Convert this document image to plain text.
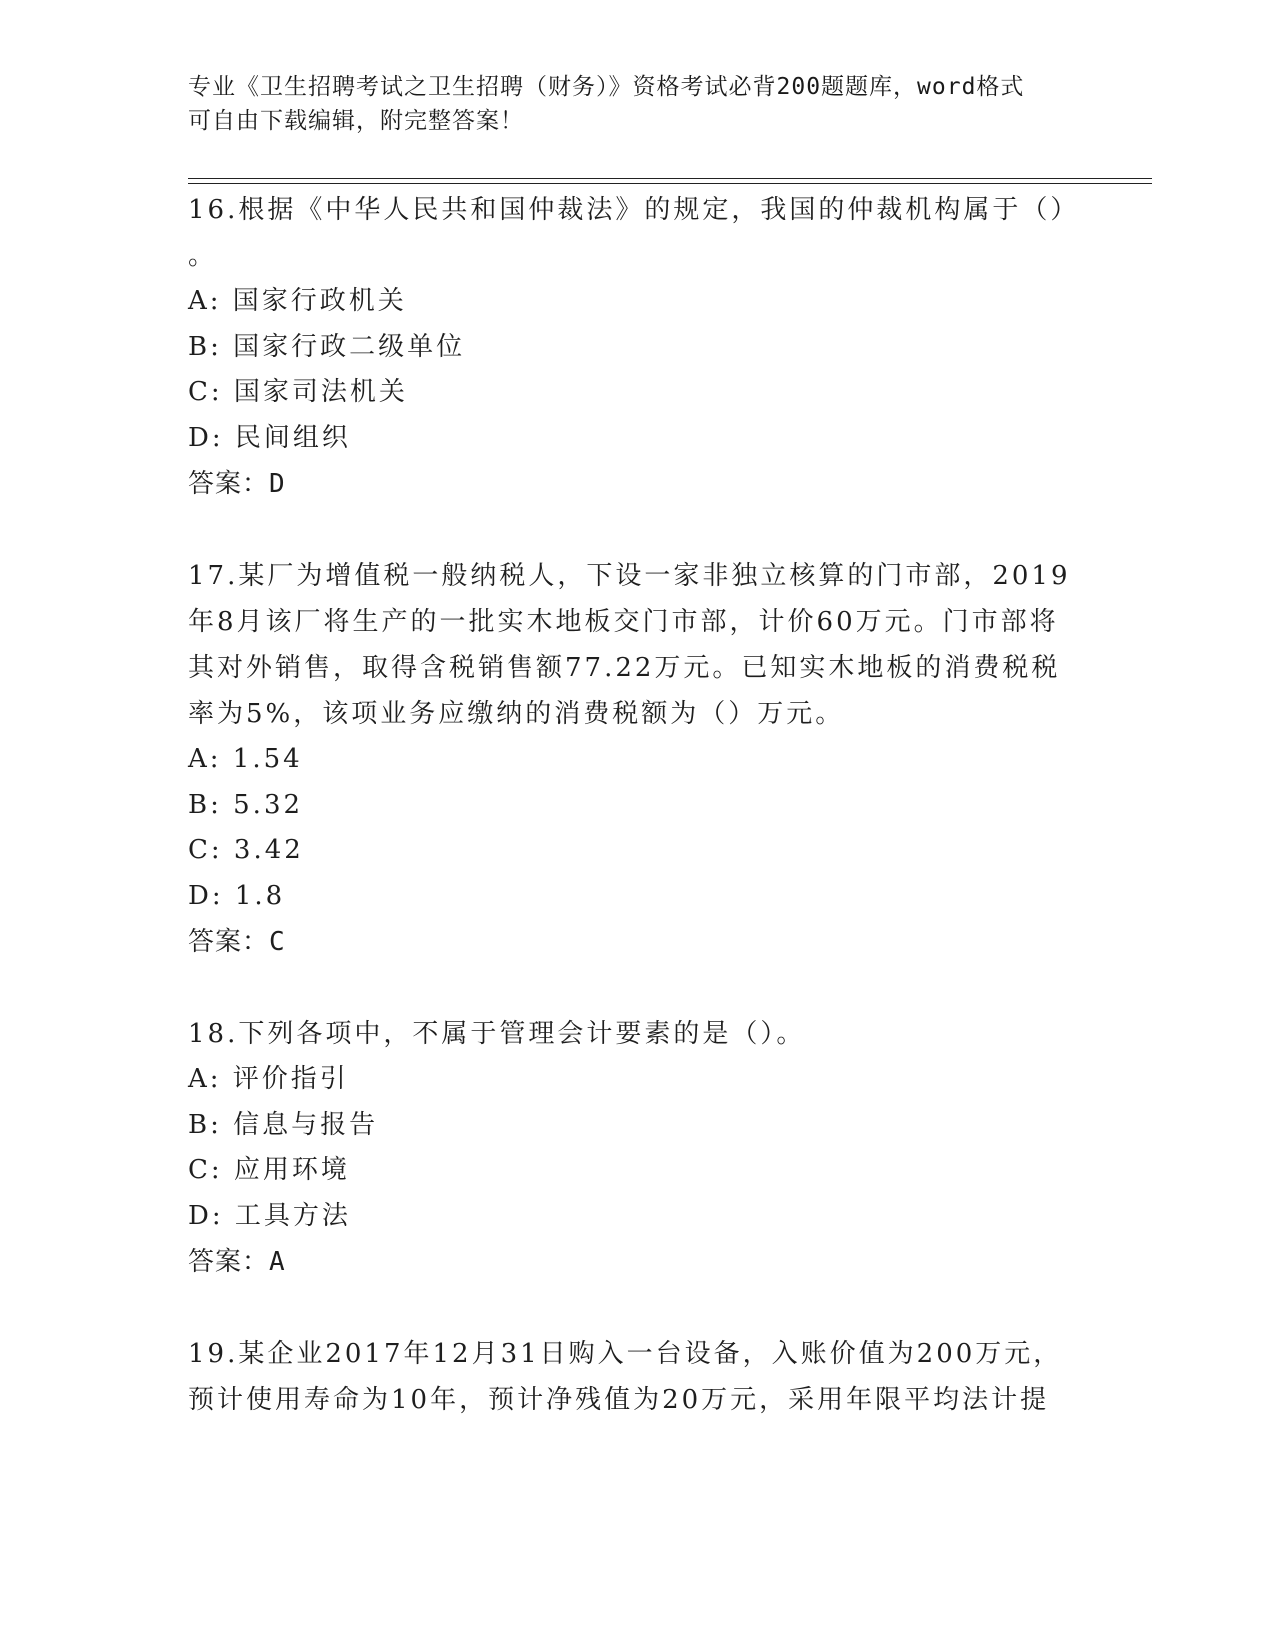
专业《卫生招聘考试之卫生招聘（财务）》资格考试必背200题题库，word格式
可自由下载编辑，附完整答案！
16.根据《中华人民共和国仲裁法》的规定，我国的仲裁机构属于（）
。
A: 国家行政机关
B: 国家行政二级单位
C: 国家司法机关
D: 民间组织
答案：D
17.某厂为增值税一般纳税人，下设一家非独立核算的门市部，2019
年8月该厂将生产的一批实木地板交门市部，计价60万元。门市部将
其对外销售，取得含税销售额77.22万元。已知实木地板的消费税税
率为5%，该项业务应缴纳的消费税额为（）万元。
A: 1.54
B: 5.32
C: 3.42
D: 1.8
答案：C
18.下列各项中，不属于管理会计要素的是（）。
A: 评价指引
B: 信息与报告
C: 应用环境
D: 工具方法
答案：A
19.某企业2017年12月31日购入一台设备，入账价值为200万元，
预计使用寿命为10年，预计净残值为20万元，采用年限平均法计提
